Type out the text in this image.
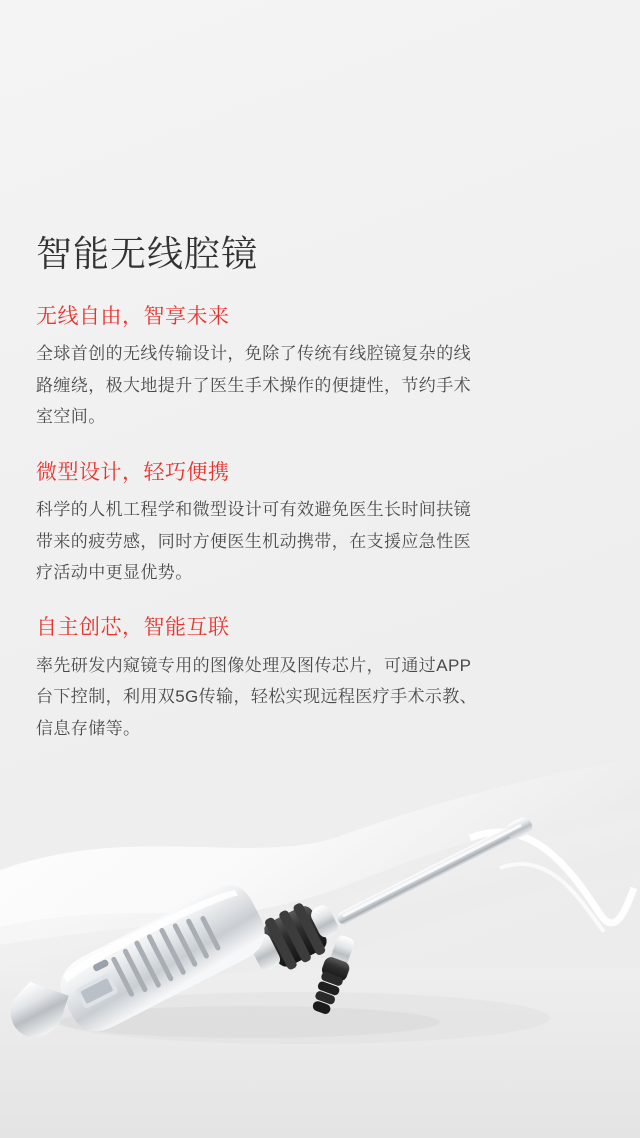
智能无线腔镜

无线自由，智享未来

全球首创的无线传输设计，免除了传统有线腔镜复杂的线路缠绕，极大地提升了医生手术操作的便捷性，节约手术室空间。

微型设计，轻巧便携

科学的人机工程学和微型设计可有效避免医生长时间扶镜带来的疲劳感，同时方便医生机动携带，在支援应急性医疗活动中更显优势。

自主创芯，智能互联

率先研发内窥镜专用的图像处理及图传芯片，可通过APP台下控制，利用双5G传输，轻松实现远程医疗手术示教、信息存储等。
